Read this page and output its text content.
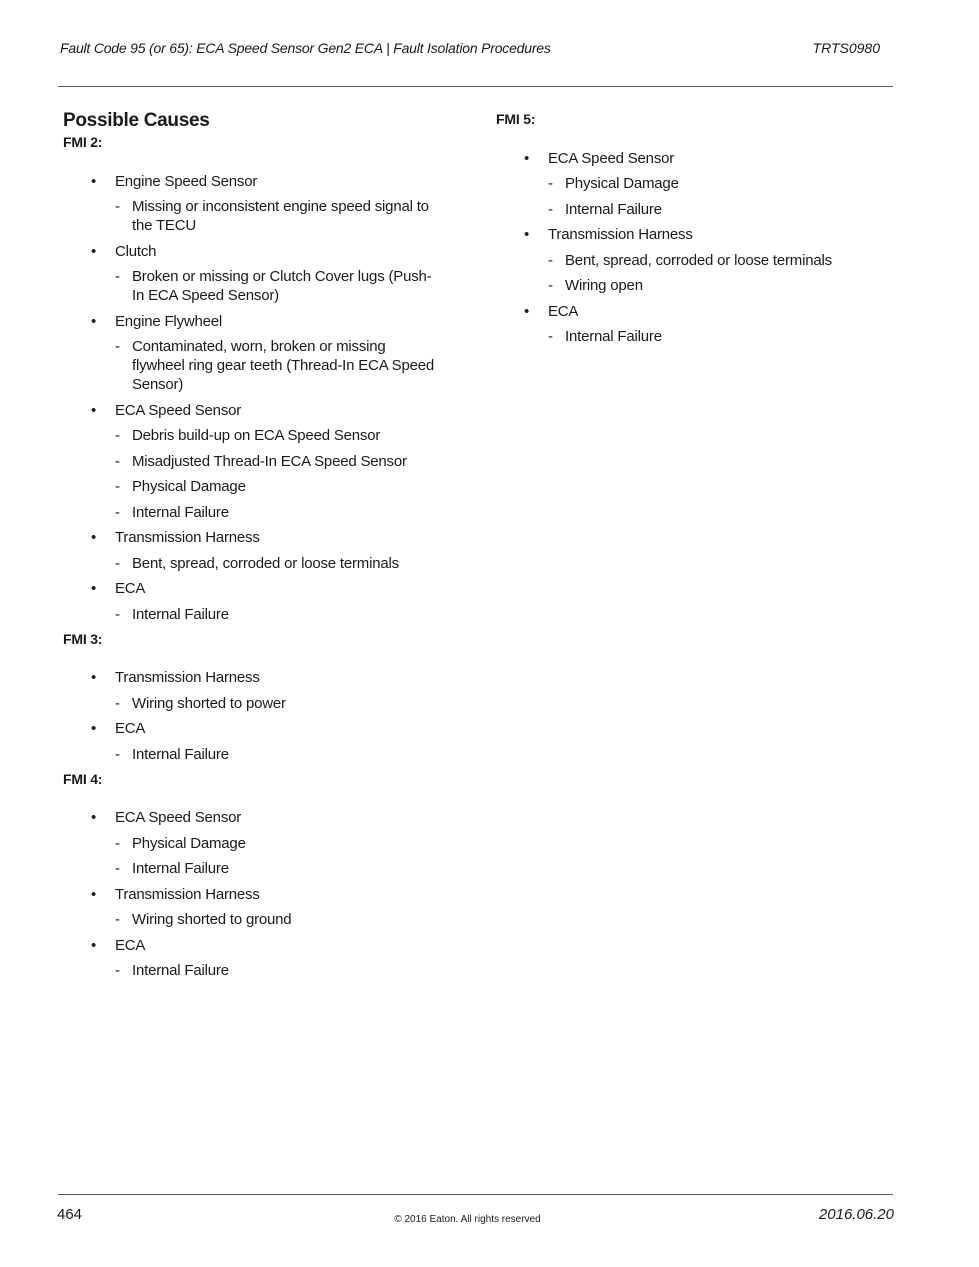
Fault Code 95 (or 65): ECA Speed Sensor Gen2 ECA | Fault Isolation Procedures	TRTS0980
Possible Causes
FMI 2:
• Engine Speed Sensor
- Missing or inconsistent engine speed signal to the TECU
• Clutch
- Broken or missing or Clutch Cover lugs (Push-In ECA Speed Sensor)
• Engine Flywheel
- Contaminated, worn, broken or missing flywheel ring gear teeth (Thread-In ECA Speed Sensor)
• ECA Speed Sensor
- Debris build-up on ECA Speed Sensor
- Misadjusted Thread-In ECA Speed Sensor
- Physical Damage
- Internal Failure
• Transmission Harness
- Bent, spread, corroded or loose terminals
• ECA
- Internal Failure
FMI 3:
• Transmission Harness
- Wiring shorted to power
• ECA
- Internal Failure
FMI 4:
• ECA Speed Sensor
- Physical Damage
- Internal Failure
• Transmission Harness
- Wiring shorted to ground
• ECA
- Internal Failure
FMI 5:
• ECA Speed Sensor
- Physical Damage
- Internal Failure
• Transmission Harness
- Bent, spread, corroded or loose terminals
- Wiring open
• ECA
- Internal Failure
464	© 2016 Eaton. All rights reserved	2016.06.20
